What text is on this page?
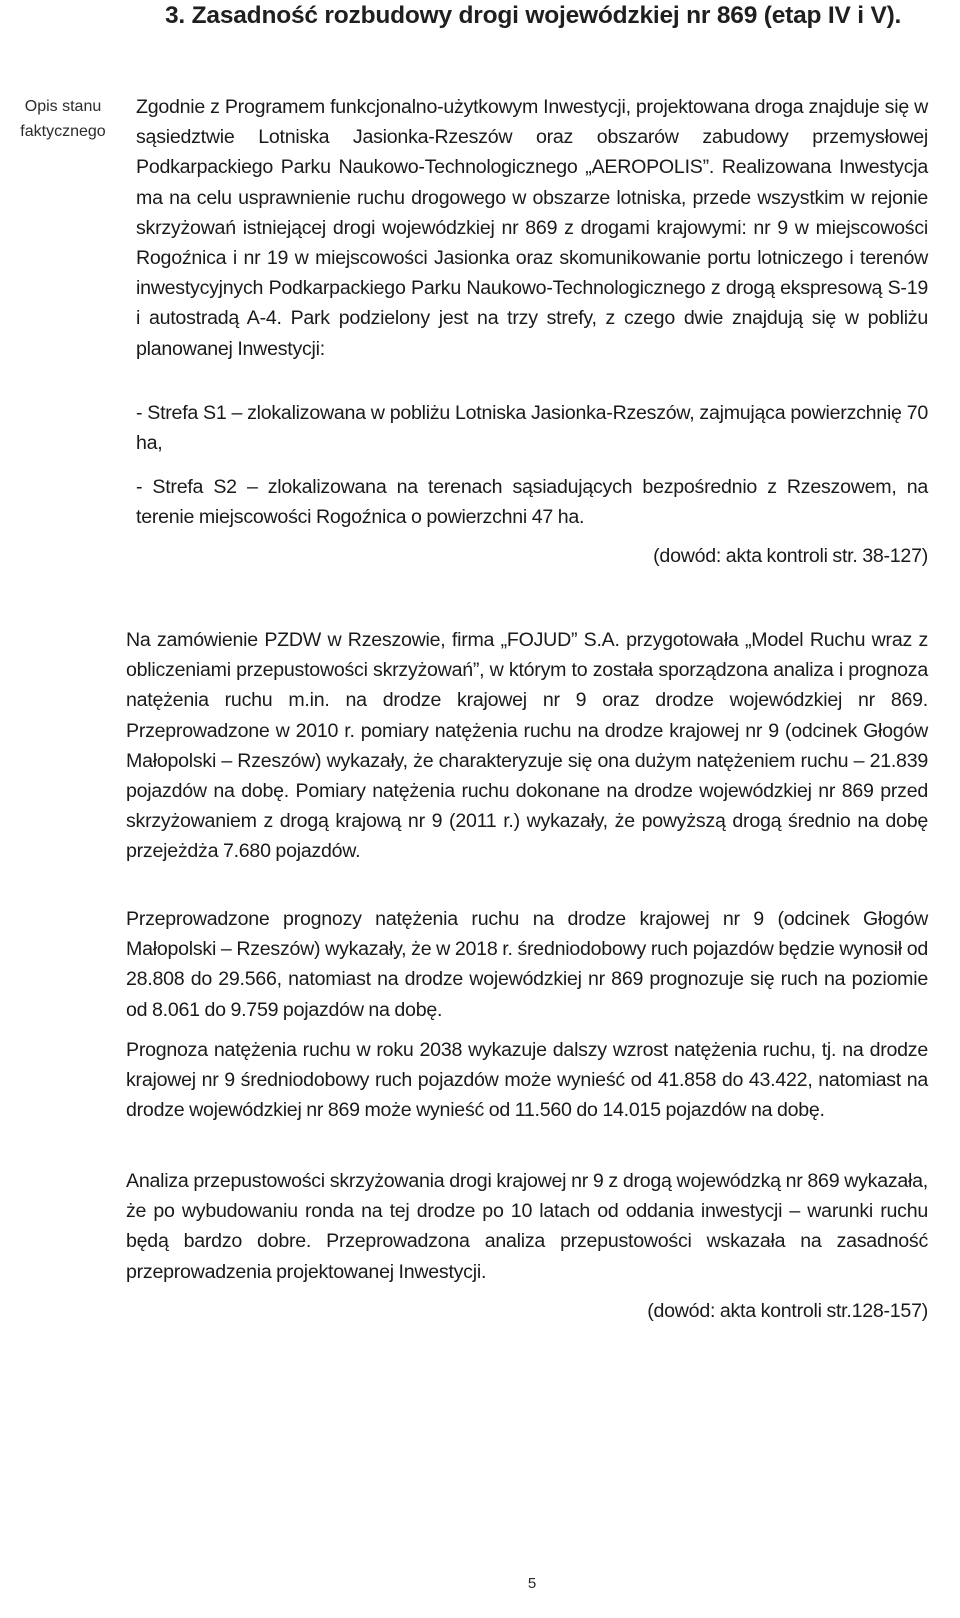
3. Zasadność rozbudowy drogi wojewódzkiej nr 869 (etap IV i V).
Opis stanu faktycznego

Zgodnie z Programem funkcjonalno-użytkowym Inwestycji, projektowana droga znajduje się w sąsiedztwie Lotniska Jasionka-Rzeszów oraz obszarów zabudowy przemysłowej Podkarpackiego Parku Naukowo-Technologicznego „AEROPOLIS”. Realizowana Inwestycja ma na celu usprawnienie ruchu drogowego w obszarze lotniska, przede wszystkim w rejonie skrzyżowań istniejącej drogi wojewódzkiej nr 869 z drogami krajowymi: nr 9 w miejscowości Rogoźnica i nr 19 w miejscowości Jasionka oraz skomunikowanie portu lotniczego i terenów inwestycyjnych Podkarpackiego Parku Naukowo-Technologicznego z drogą ekspresową S-19 i autostradą A-4. Park podzielony jest na trzy strefy, z czego dwie znajdują się w pobliżu planowanej Inwestycji:

- Strefa S1 – zlokalizowana w pobliżu Lotniska Jasionka-Rzeszów, zajmująca powierzchnię 70 ha,

- Strefa S2 – zlokalizowana na terenach sąsiadujących bezpośrednio z Rzeszowem, na terenie miejscowości Rogoźnica o powierzchni 47 ha.

(dowód: akta kontroli str. 38-127)

Na zamówienie PZDW w Rzeszowie, firma „FOJUD” S.A. przygotowała „Model Ruchu wraz z obliczeniami przepustowości skrzyżowań”, w którym to została sporządzona analiza i prognoza natężenia ruchu m.in. na drodze krajowej nr 9 oraz drodze wojewódzkiej nr 869. Przeprowadzone w 2010 r. pomiary natężenia ruchu na drodze krajowej nr 9 (odcinek Głogów Małopolski – Rzeszów) wykazały, że charakteryzuje się ona dużym natężeniem ruchu – 21.839 pojazdów na dobę. Pomiary natężenia ruchu dokonane na drodze wojewódzkiej nr 869 przed skrzyżowaniem z drogą krajową nr 9 (2011 r.) wykazały, że powyższą drogą średnio na dobę przejeżdża 7.680 pojazdów.

Przeprowadzone prognozy natężenia ruchu na drodze krajowej nr 9 (odcinek Głogów Małopolski – Rzeszów) wykazały, że w 2018 r. średniodobowy ruch pojazdów będzie wynosił od 28.808 do 29.566, natomiast na drodze wojewódzkiej nr 869 prognozuje się ruch na poziomie od 8.061 do 9.759 pojazdów na dobę.

Prognoza natężenia ruchu w roku 2038 wykazuje dalszy wzrost natężenia ruchu, tj. na drodze krajowej nr 9 średniodobowy ruch pojazdów może wynieść od 41.858 do 43.422, natomiast na drodze wojewódzkiej nr 869 może wynieść od 11.560 do 14.015 pojazdów na dobę.

Analiza przepustowości skrzyżowania drogi krajowej nr 9 z drogą wojewódzką nr 869 wykazała, że po wybudowaniu ronda na tej drodze po 10 latach od oddania inwestycji – warunki ruchu będą bardzo dobre. Przeprowadzona analiza przepustowości wskazała na zasadność przeprowadzenia projektowanej Inwestycji.

(dowód: akta kontroli str.128-157)
5
